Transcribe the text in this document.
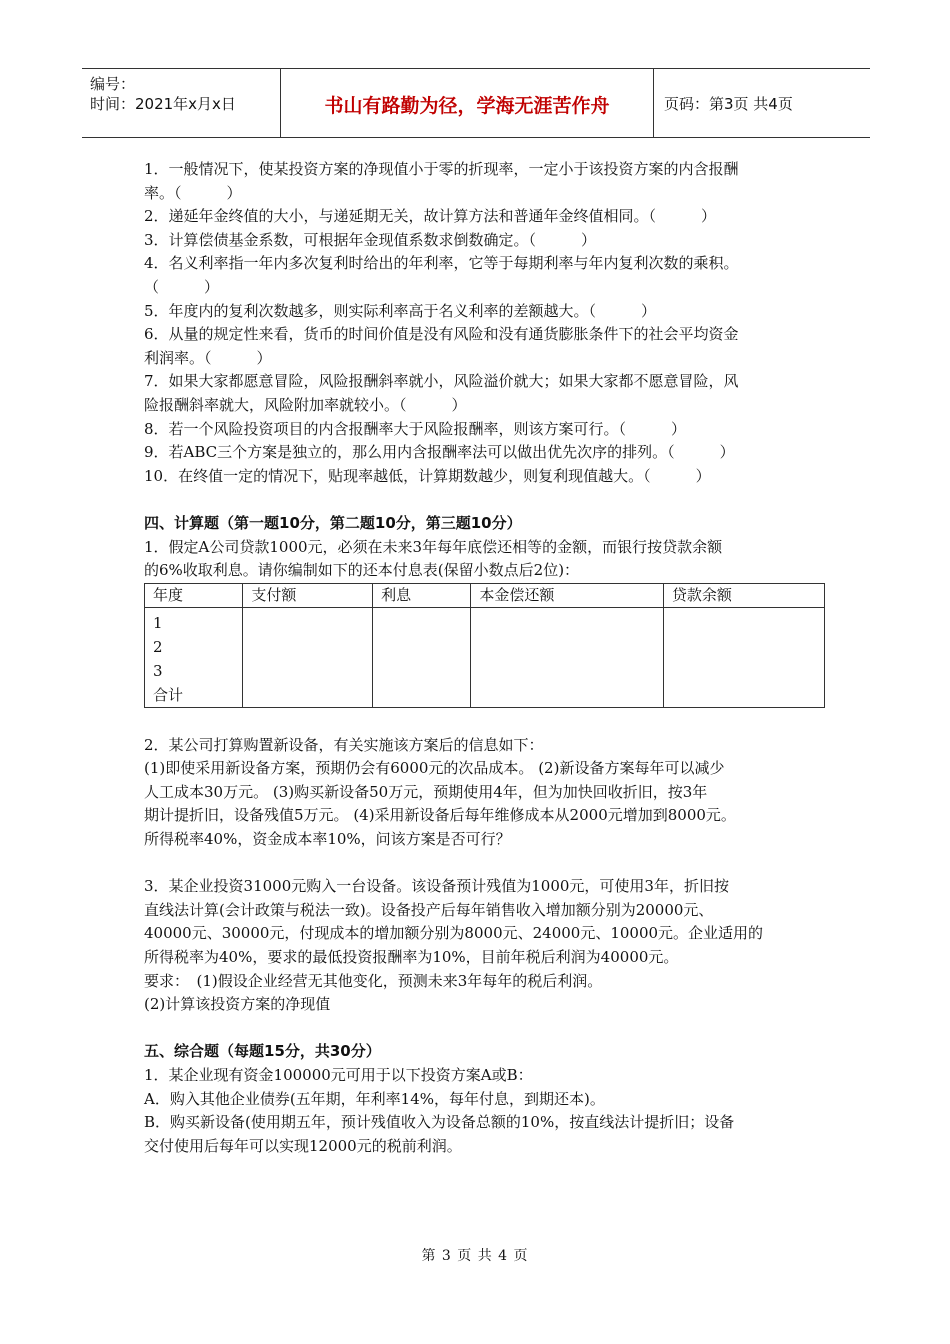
编号：
时间：2021年x月x日	书山有路勤为径，学海无涯苦作舟	页码：第3页 共4页
1．一般情况下，使某投资方案的净现值小于零的折现率，一定小于该投资方案的内含报酬
率。（　　　）
2．递延年金终值的大小，与递延期无关，故计算方法和普通年金终值相同。（　　　）
3．计算偿债基金系数，可根据年金现值系数求倒数确定。（　　　）
4．名义利率指一年内多次复利时给出的年利率，它等于每期利率与年内复利次数的乘积。
（　　　）
5．年度内的复利次数越多，则实际利率高于名义利率的差额越大。（　　　）
6．从量的规定性来看，货币的时间价值是没有风险和没有通货膨胀条件下的社会平均资金
利润率。（　　　）
7．如果大家都愿意冒险，风险报酬斜率就小，风险溢价就大；如果大家都不愿意冒险，风
险报酬斜率就大，风险附加率就较小。（　　　）
8．若一个风险投资项目的内含报酬率大于风险报酬率，则该方案可行。（　　　）
9．若ABC三个方案是独立的，那么用内含报酬率法可以做出优先次序的排列。（　　　）
10．在终值一定的情况下，贴现率越低，计算期数越少，则复利现值越大。（　　　）
四、计算题（第一题10分，第二题10分，第三题10分）
1．假定A公司贷款1000元，必须在未来3年每年底偿还相等的金额，而银行按贷款余额
的6%收取利息。请你编制如下的还本付息表(保留小数点后2位)：
年度	支付额	利息	本金偿还额	贷款余额

1
2
3
合计				

2．某公司打算购置新设备，有关实施该方案后的信息如下：
(1)即使采用新设备方案，预期仍会有6000元的次品成本。 (2)新设备方案每年可以减少
人工成本30万元。 (3)购买新设备50万元，预期使用4年，但为加快回收折旧，按3年
期计提折旧，设备残值5万元。 (4)采用新设备后每年维修成本从2000元增加到8000元。
所得税率40%，资金成本率10%，问该方案是否可行？
3．某企业投资31000元购入一台设备。该设备预计残值为1000元，可使用3年，折旧按
直线法计算(会计政策与税法一致)。设备投产后每年销售收入增加额分别为20000元、
40000元、30000元，付现成本的增加额分别为8000元、24000元、10000元。企业适用的
所得税率为40%，要求的最低投资报酬率为10%，目前年税后利润为40000元。
要求：　(1)假设企业经营无其他变化，预测未来3年每年的税后利润。
(2)计算该投资方案的净现值
五、综合题（每题15分，共30分）
1．某企业现有资金100000元可用于以下投资方案A或B：
A．购入其他企业债券(五年期，年利率14%，每年付息，到期还本)。
B．购买新设备(使用期五年，预计残值收入为设备总额的10%，按直线法计提折旧；设备
交付使用后每年可以实现12000元的税前利润。
第 3 页 共 4 页
